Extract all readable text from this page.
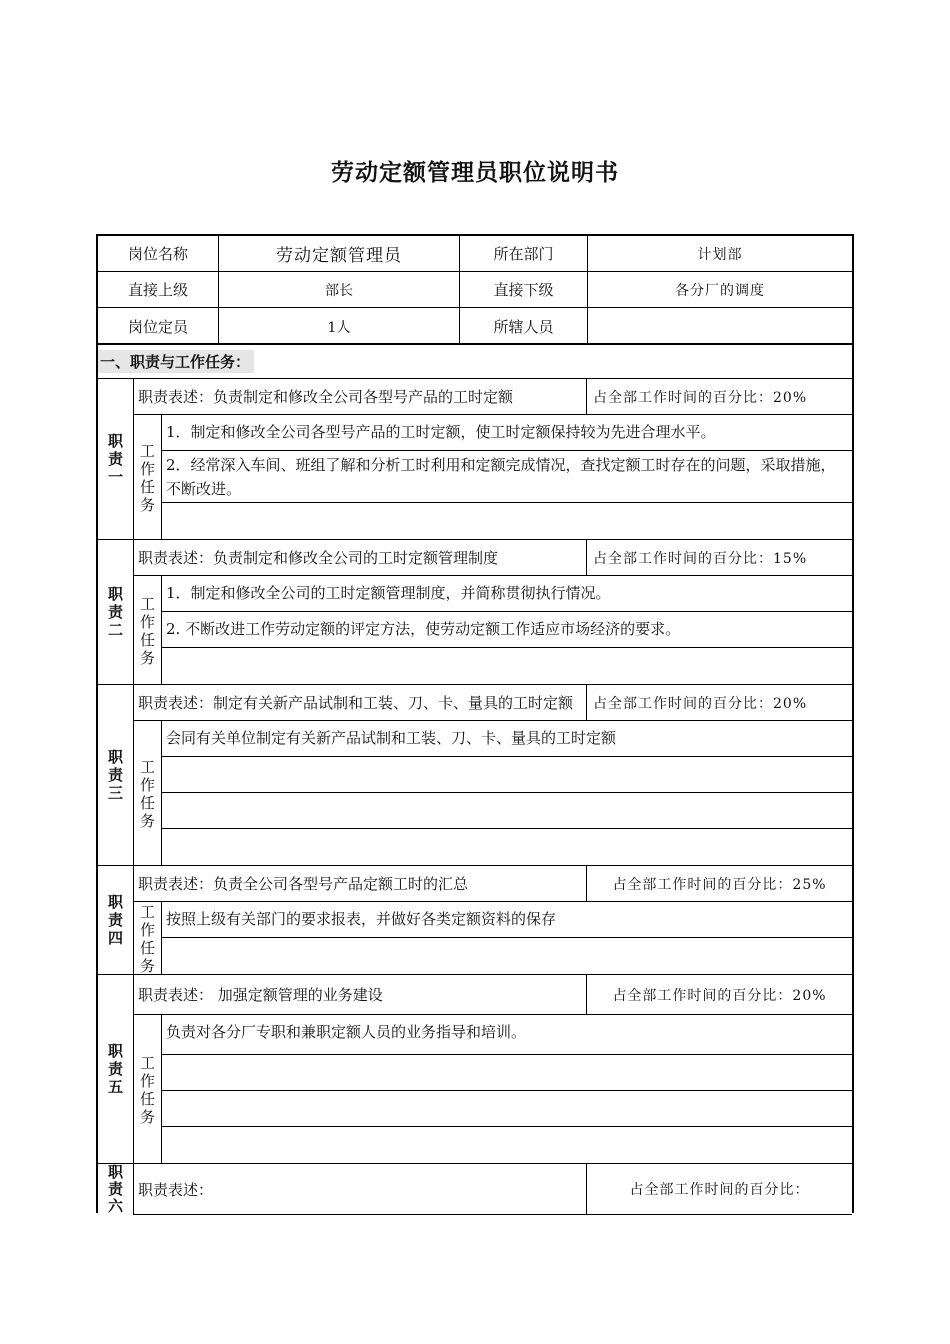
劳动定额管理员职位说明书
岗位名称	劳动定额管理员	所在部门	计划部
直接上级	部长	直接下级	各分厂的调度
岗位定员	1人	所辖人员
一、职责与工作任务：
职责一
职责表述：负责制定和修改全公司各型号产品的工时定额	占全部工作时间的百分比：20%
工作任务
1．制定和修改全公司各型号产品的工时定额，使工时定额保持较为先进合理水平。
2．经常深入车间、班组了解和分析工时利用和定额完成情况，查找定额工时存在的问题，采取措施，不断改进。
职责二
职责表述：负责制定和修改全公司的工时定额管理制度	占全部工作时间的百分比：15%
工作任务
1．制定和修改全公司的工时定额管理制度，并简称贯彻执行情况。
2. 不断改进工作劳动定额的评定方法，使劳动定额工作适应市场经济的要求。
职责三
职责表述：制定有关新产品试制和工装、刀、卡、量具的工时定额	占全部工作时间的百分比：20%
工作任务
会同有关单位制定有关新产品试制和工装、刀、卡、量具的工时定额
职责四
职责表述：负责全公司各型号产品定额工时的汇总	占全部工作时间的百分比：25%
工作任务
按照上级有关部门的要求报表，并做好各类定额资料的保存
职责五
职责表述： 加强定额管理的业务建设	占全部工作时间的百分比：20%
工作任务
负责对各分厂专职和兼职定额人员的业务指导和培训。
职责六
职责表述：	占全部工作时间的百分比：
